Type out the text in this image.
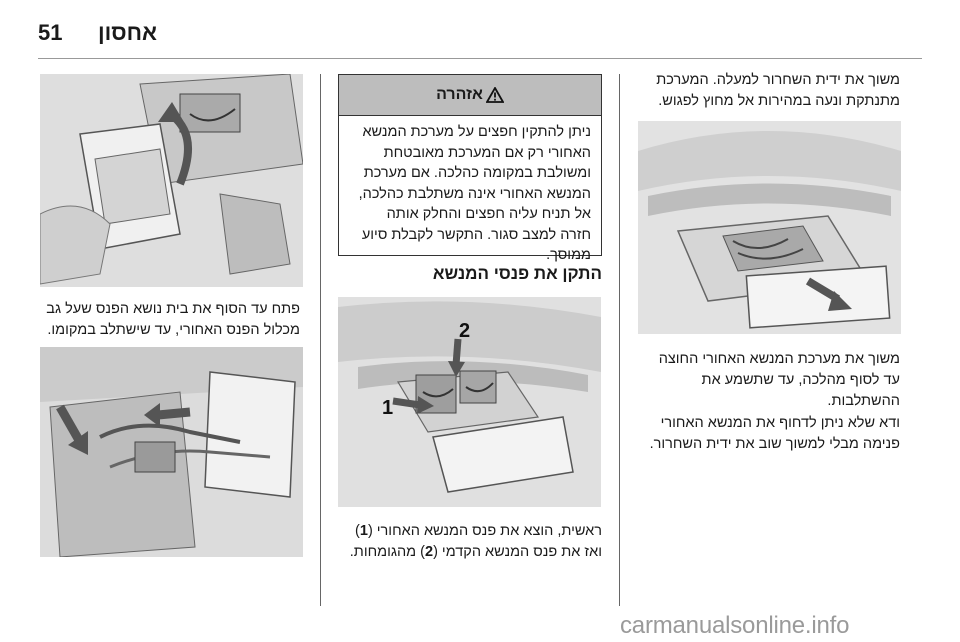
51 אחסון

משוך את ידית השחרור למעלה. המערכת

מתנתקת ונעה במהירות אל מחוץ לפגוש.

משוך את מערכת המנשא האחורי החוצה

עד לסוף מהלכה, עד שתשמע את

ההשתלבות.

ודא שלא ניתן לדחוף את המנשא האחורי

פנימה מבלי למשוך שוב את ידית השחרור.

אזהרה
ניתן להתקין חפצים על מערכת המנשא
האחורי רק אם המערכת מאובטחת
ומשולבת במקומה כהלכה. אם מערכת
המנשא האחורי אינה משתלבת כהלכה,
אל תניח עליה חפצים והחלק אותה
חזרה למצב סגור. התקשר לקבלת סיוע
ממוסך.
התקן את פנסי המנשא
1
2
ראשית, הוצא את פנס המנשא האחורי (1) ואז את פנס המנשא הקדמי (2) מהגומחות.

פתח עד הסוף את בית נושא הפנס שעל גב

מכלול הפנס האחורי, עד שישתלב במקומו.

carmanualsonline.info
